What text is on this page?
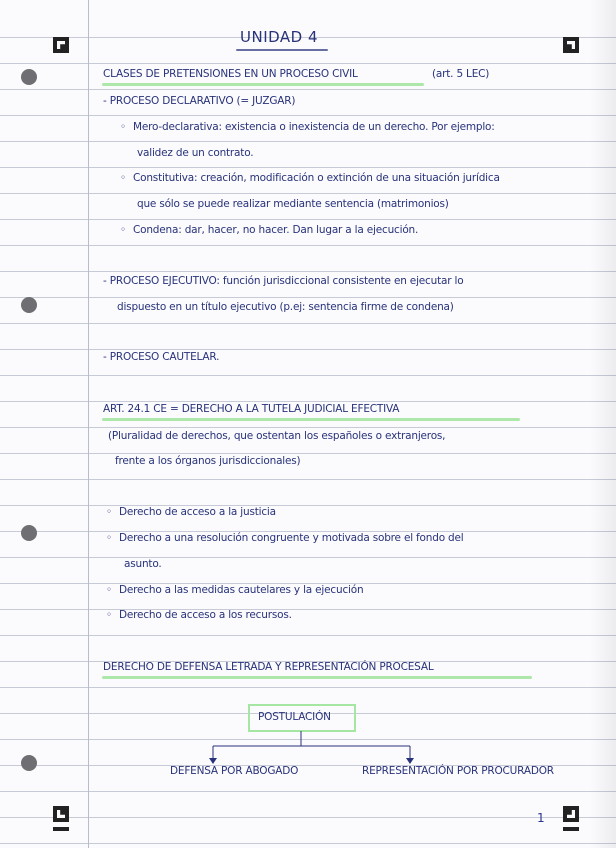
UNIDAD 4
CLASES DE PRETENSIONES EN UN PROCESO CIVIL	(art. 5 LEC)
- PROCESO DECLARATIVO (= JUZGAR)
◦ Mero-declarativa: existencia o inexistencia de un derecho. Por ejemplo:
validez de un contrato.
◦ Constitutiva: creación, modificación o extinción de una situación jurídica
que sólo se puede realizar mediante sentencia (matrimonios)
◦ Condena: dar, hacer, no hacer. Dan lugar a la ejecución.
- PROCESO EJECUTIVO: función jurisdiccional consistente en ejecutar lo
dispuesto en un título ejecutivo (p.ej: sentencia firme de condena)
- PROCESO CAUTELAR.
ART. 24.1 CE = DERECHO A LA TUTELA JUDICIAL EFECTIVA
(Pluralidad de derechos, que ostentan los españoles o extranjeros,
frente a los órganos jurisdiccionales)
◦ Derecho de acceso a la justicia
◦ Derecho a una resolución congruente y motivada sobre el fondo del
asunto.
◦ Derecho a las medidas cautelares y la ejecución
◦ Derecho de acceso a los recursos.
DERECHO DE DEFENSA LETRADA Y REPRESENTACIÓN PROCESAL
POSTULACIÓN
DEFENSA POR ABOGADO	REPRESENTACIÓN POR PROCURADOR
1
